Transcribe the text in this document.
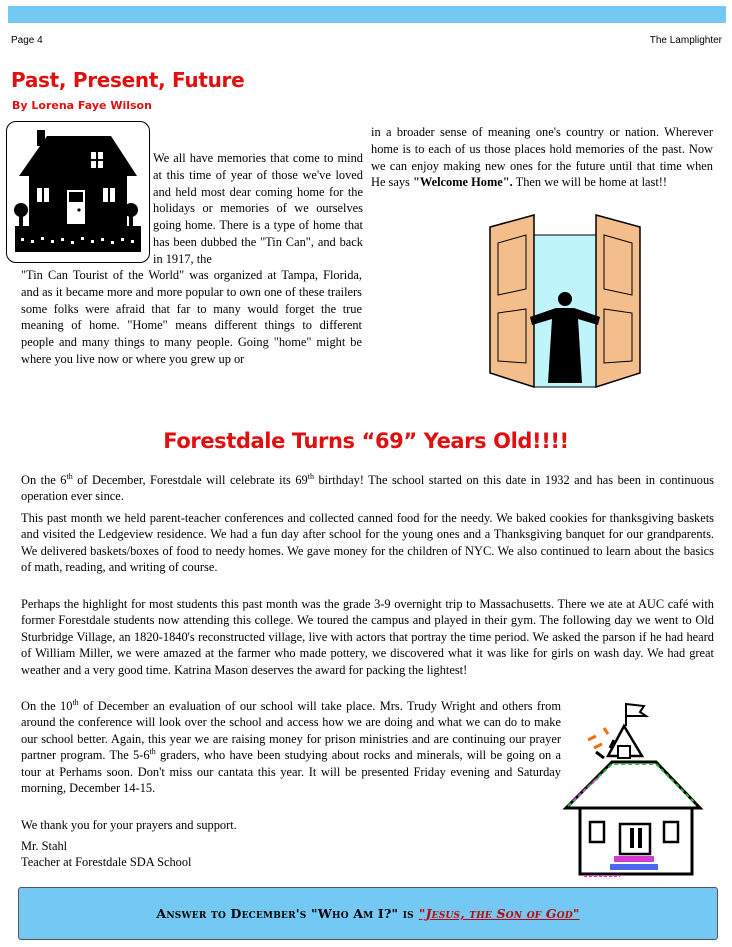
Page 4	The Lamplighter
Past, Present, Future
By Lorena Faye Wilson

We all have memories that come to mind at this time of year of those we've loved and held most dear coming home for the holidays or memories of we ourselves going home. There is a type of home that has been dubbed the "Tin Can", and back in 1917, the

"Tin Can Tourist of the World" was organized at Tampa, Florida, and as it became more and more popular to own one of these trailers some folks were afraid that far to many would forget the true meaning of home. "Home" means different things to different people and many things to many people. Going "home" might be where you live now or where you grew up or

in a broader sense of meaning one's country or nation. Wherever home is to each of us those places hold memories of the past. Now we can enjoy making new ones for the future until that time when He says "Welcome Home". Then we will be home at last!!

Forestdale Turns “69” Years Old!!!!

On the 6th of December, Forestdale will celebrate its 69th birthday! The school started on this date in 1932 and has been in continuous operation ever since.

This past month we held parent-teacher conferences and collected canned food for the needy. We baked cookies for thanksgiving baskets and visited the Ledgeview residence. We had a fun day after school for the young ones and a Thanksgiving banquet for our grandparents. We delivered baskets/boxes of food to needy homes. We gave money for the children of NYC. We also continued to learn about the basics of math, reading, and writing of course.

Perhaps the highlight for most students this past month was the grade 3-9 overnight trip to Massachusetts. There we ate at AUC café with former Forestdale students now attending this college. We toured the campus and played in their gym. The following day we went to Old Sturbridge Village, an 1820-1840's reconstructed village, live with actors that portray the time period. We asked the parson if he had heard of William Miller, we were amazed at the farmer who made pottery, we discovered what it was like for girls on wash day. We had great weather and a very good time. Katrina Mason deserves the award for packing the lightest!

On the 10th of December an evaluation of our school will take place. Mrs. Trudy Wright and others from around the conference will look over the school and access how we are doing and what we can do to make our school better. Again, this year we are raising money for prison ministries and are continuing our prayer partner program. The 5-6th graders, who have been studying about rocks and minerals, will be going on a tour at Perhams soon. Don't miss our cantata this year. It will be presented Friday evening and Saturday morning, December 14-15.

We thank you for your prayers and support.

Mr. Stahl

Teacher at Forestdale SDA School

Answer to December's "Who Am I?" is "Jesus, the Son of God"
